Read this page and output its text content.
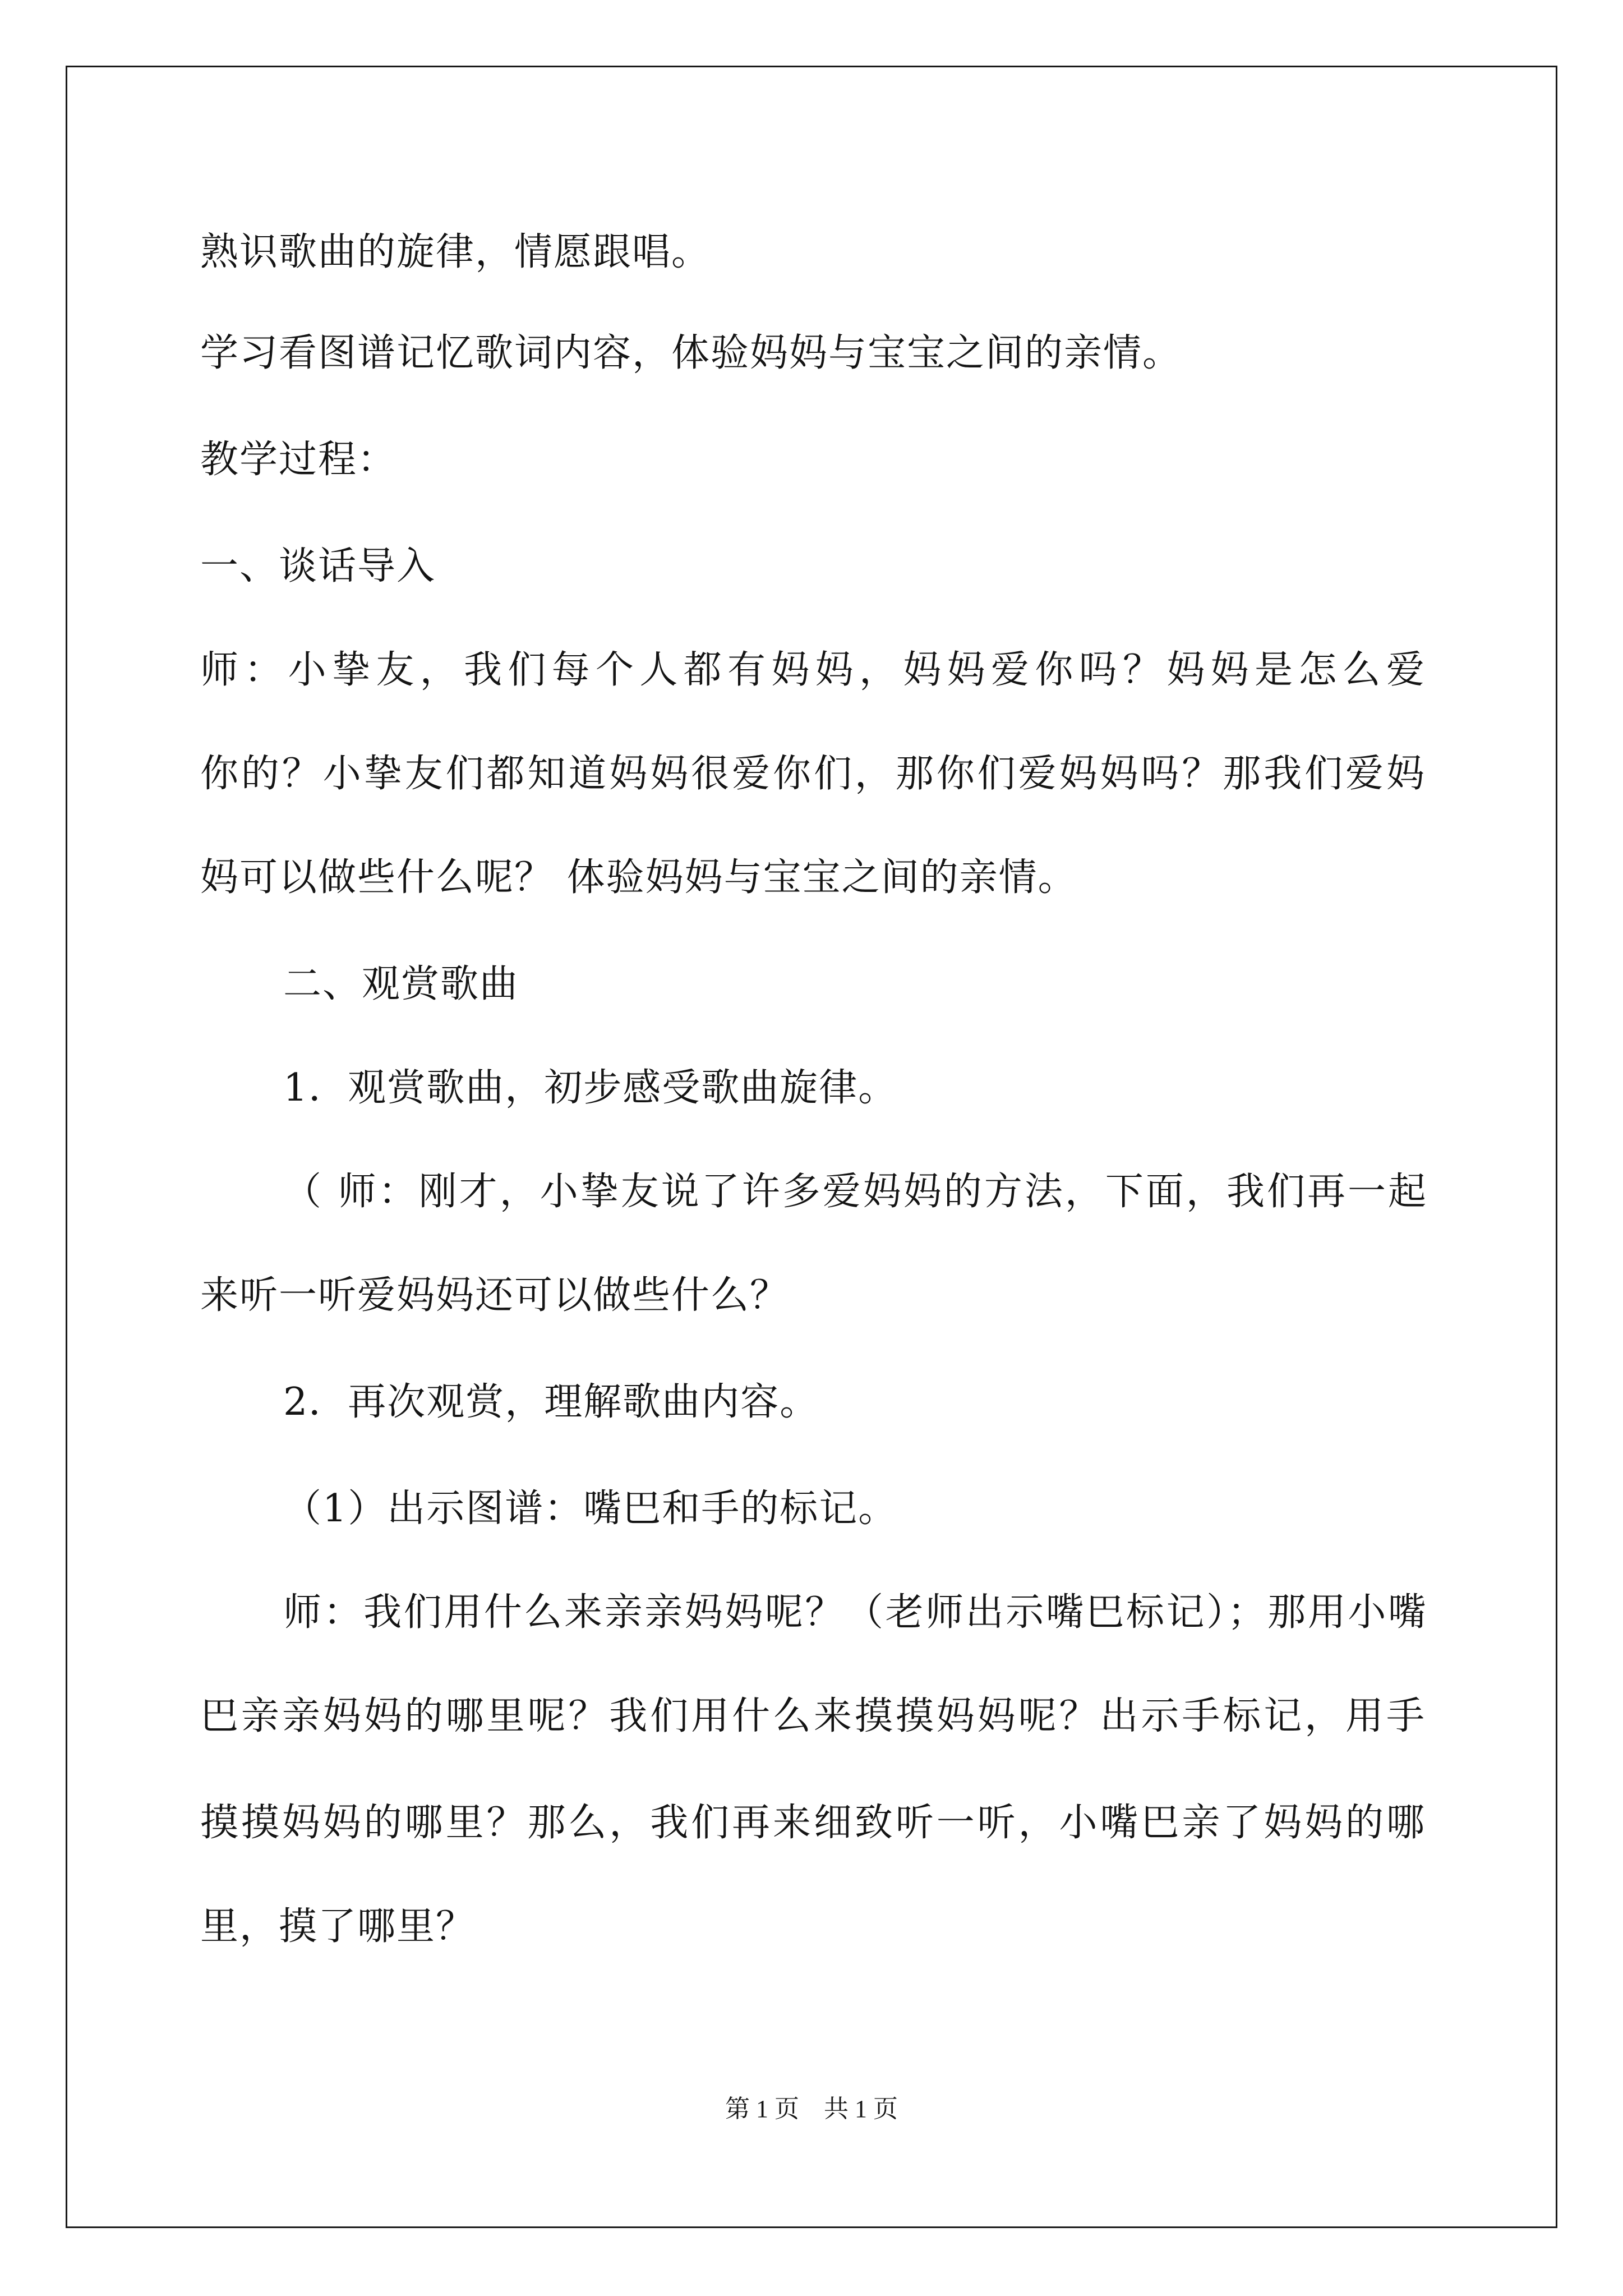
熟识歌曲的旋律，情愿跟唱。

学习看图谱记忆歌词内容，体验妈妈与宝宝之间的亲情。

教学过程：

一、谈话导入

师：小挚友，我们每个人都有妈妈，妈妈爱你吗？妈妈是怎么爱

你的？小挚友们都知道妈妈很爱你们，那你们爱妈妈吗？那我们爱妈

妈可以做些什么呢？ 体验妈妈与宝宝之间的亲情。

二、观赏歌曲

1．观赏歌曲，初步感受歌曲旋律。

（ 师：刚才，小挚友说了许多爱妈妈的方法，下面，我们再一起

来听一听爱妈妈还可以做些什么？

2．再次观赏，理解歌曲内容。

（1）出示图谱：嘴巴和手的标记。

师：我们用什么来亲亲妈妈呢？（老师出示嘴巴标记）；那用小嘴

巴亲亲妈妈的哪里呢？我们用什么来摸摸妈妈呢？出示手标记，用手

摸摸妈妈的哪里？那么，我们再来细致听一听，小嘴巴亲了妈妈的哪

里，摸了哪里？

第 1 页    共 1 页
